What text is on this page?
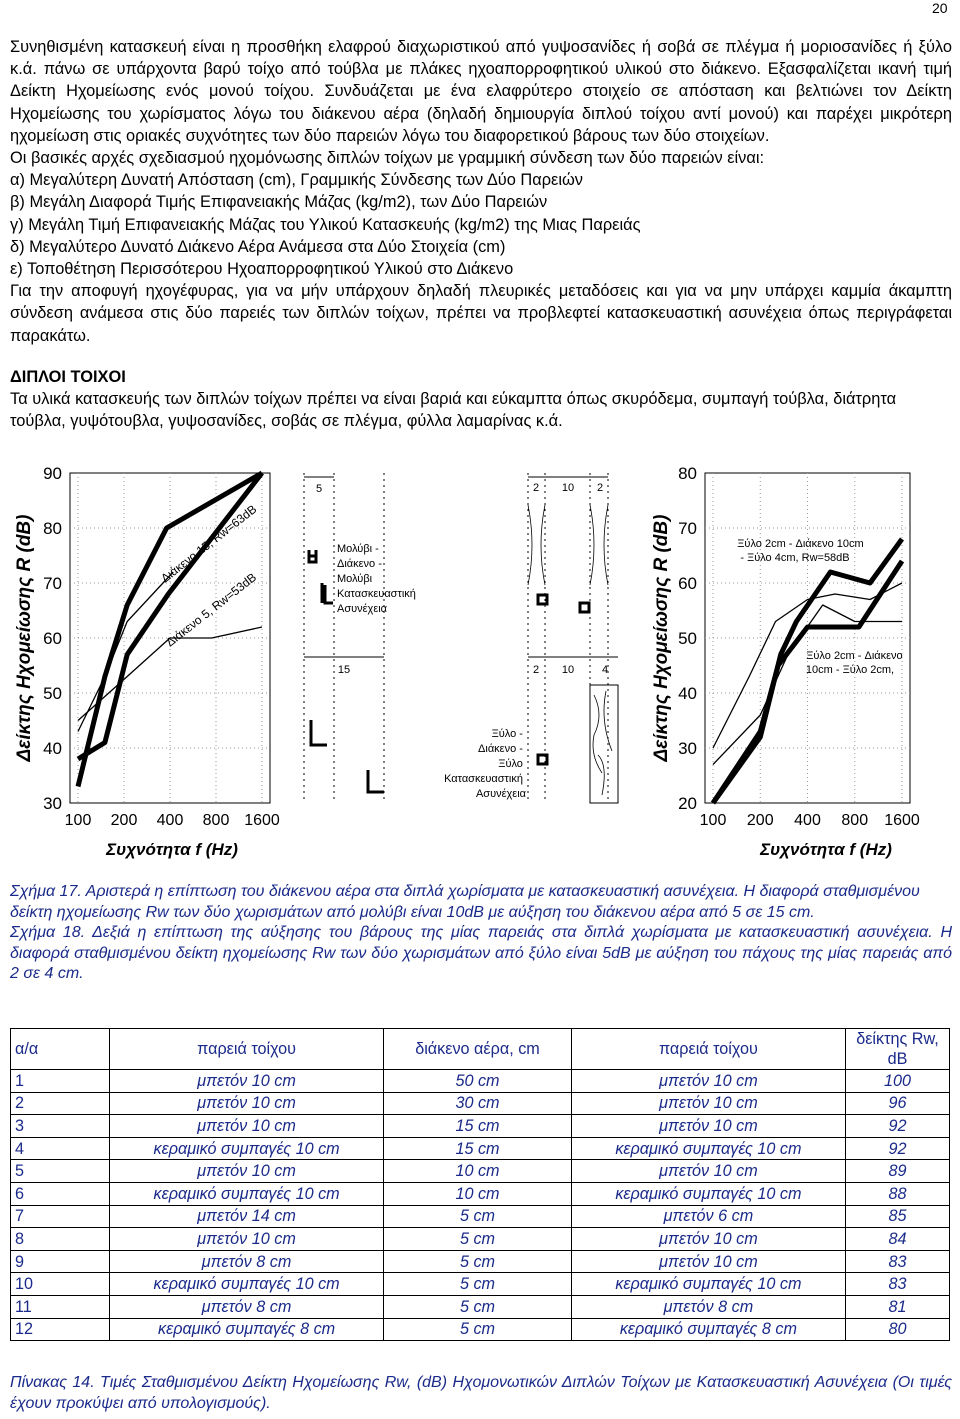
20

Συνηθισμένη κατασκευή είναι η προσθήκη ελαφρού διαχωριστικού από γυψοσανίδες ή σοβά σε πλέγμα ή μοριοσανίδες ή ξύλο κ.ά. πάνω σε υπάρχοντα βαρύ τοίχο από τούβλα με πλάκες ηχοαπορροφητικού υλικού στο διάκενο. Εξασφαλίζεται ικανή τιμή Δείκτη Ηχομείωσης ενός μονού τοίχου. Συνδυάζεται με ένα ελαφρύτερο στοιχείο σε απόσταση και βελτιώνει τον Δείκτη Ηχομείωσης του χωρίσματος λόγω του διάκενου αέρα (δηλαδή δημιουργία διπλού τοίχου αντί μονού) και παρέχει μικρότερη ηχομείωση στις οριακές συχνότητες των δύο παρειών λόγω του διαφορετικού βάρους των δύο στοιχείων.

Οι βασικές αρχές σχεδιασμού ηχομόνωσης διπλών τοίχων με γραμμική σύνδεση των δύο παρειών είναι:

α) Μεγαλύτερη Δυνατή Απόσταση (cm), Γραμμικής Σύνδεσης των Δύο Παρειών

β) Μεγάλη Διαφορά Τιμής Επιφανειακής Μάζας (kg/m2), των Δύο Παρειών

γ) Μεγάλη Τιμή Επιφανειακής Μάζας του Υλικού Κατασκευής (kg/m2) της Μιας Παρειάς

δ) Μεγαλύτερο Δυνατό Διάκενο Αέρα Ανάμεσα στα Δύο Στοιχεία (cm)

ε) Τοποθέτηση Περισσότερου Ηχοαπορροφητικού Υλικού στο Διάκενο

Για την αποφυγή ηχογέφυρας, για να μήν υπάρχουν δηλαδή πλευρικές μεταδόσεις και για να μην υπάρχει καμμία άκαμπτη σύνδεση ανάμεσα στις δύο παρειές των διπλών τοίχων, πρέπει να προβλεφτεί κατασκευαστική ασυνέχεια όπως περιγράφεται παρακάτω.

ΔΙΠΛΟΙ ΤΟΙΧΟΙ

Τα υλικά κατασκευής των διπλών τοίχων πρέπει να είναι βαριά και εύκαμπτα όπως σκυρόδεμα, συμπαγή τούβλα, διάτρητα τούβλα, γυψότουβλα, γυψοσανίδες, σοβάς σε πλέγμα, φύλλα λαμαρίνας κ.ά.

90
80
70
60
50
40
30
100 200 400 800 1600
Δείκτης Ηχομείωσης R (dB)
Συχνότητα f (Hz)
Διάκενο 15, Rw=63dB
Διάκενο 5, Rw=53dB
5
15
Μολύβι - Διάκενο - Μολύβι Κατασκευαστική Ασυνέχεια
2 10 2
2 10	4
Ξύλο - Διάκενο - Ξύλο Κατασκευαστική Ασυνέχεια
80
70
60
50
40
30
20
100 200 400 800 1600
Δείκτης Ηχομείωσης R (dB)
Συχνότητα f (Hz)
Ξύλο 2cm - Διάκενο 10cm - Ξύλο 4cm, Rw=58dB
Ξύλο 2cm - Διάκενο 10cm - Ξύλο 2cm,

Σχήμα 17. Αριστερά η επίπτωση του διάκενου αέρα στα διπλά χωρίσματα με κατασκευαστική ασυνέχεια. Η διαφορά σταθμισμένου δείκτη ηχομείωσης Rw των δύο χωρισμάτων από μολύβι είναι 10dB με αύξηση του διάκενου αέρα από 5 σε 15 cm.

Σχήμα 18. Δεξιά η επίπτωση της αύξησης του βάρους της μίας παρειάς στα διπλά χωρίσματα με κατασκευαστική ασυνέχεια. Η διαφορά σταθμισμένου δείκτη ηχομείωσης Rw των δύο χωρισμάτων από ξύλο είναι 5dB με αύξηση του πάχους της μίας παρειάς από 2 σε 4 cm.

α/α	παρειά τοίχου	διάκενο αέρα, cm	παρειά τοίχου	δείκτης Rw, dB
1	μπετόν 10 cm	50 cm	μπετόν 10 cm	100
2	μπετόν 10 cm	30 cm	μπετόν 10 cm	96
3	μπετόν 10 cm	15 cm	μπετόν 10 cm	92
4	κεραμικό συμπαγές 10 cm	15 cm	κεραμικό συμπαγές 10 cm	92
5	μπετόν 10 cm	10 cm	μπετόν 10 cm	89
6	κεραμικό συμπαγές 10 cm	10 cm	κεραμικό συμπαγές 10 cm	88
7	μπετόν 14 cm	5 cm	μπετόν 6 cm	85
8	μπετόν 10 cm	5 cm	μπετόν 10 cm	84
9	μπετόν 8 cm	5 cm	μπετόν 10 cm	83
10	κεραμικό συμπαγές 10 cm	5 cm	κεραμικό συμπαγές 10 cm	83
11	μπετόν 8 cm	5 cm	μπετόν 8 cm	81
12	κεραμικό συμπαγές 8 cm	5 cm	κεραμικό συμπαγές 8 cm	80

Πίνακας 14. Τιμές Σταθμισμένου Δείκτη Ηχομείωσης Rw, (dB) Ηχομονωτικών Διπλών Τοίχων με Κατασκευαστική Ασυνέχεια (Οι τιμές έχουν προκύψει από υπολογισμούς).
